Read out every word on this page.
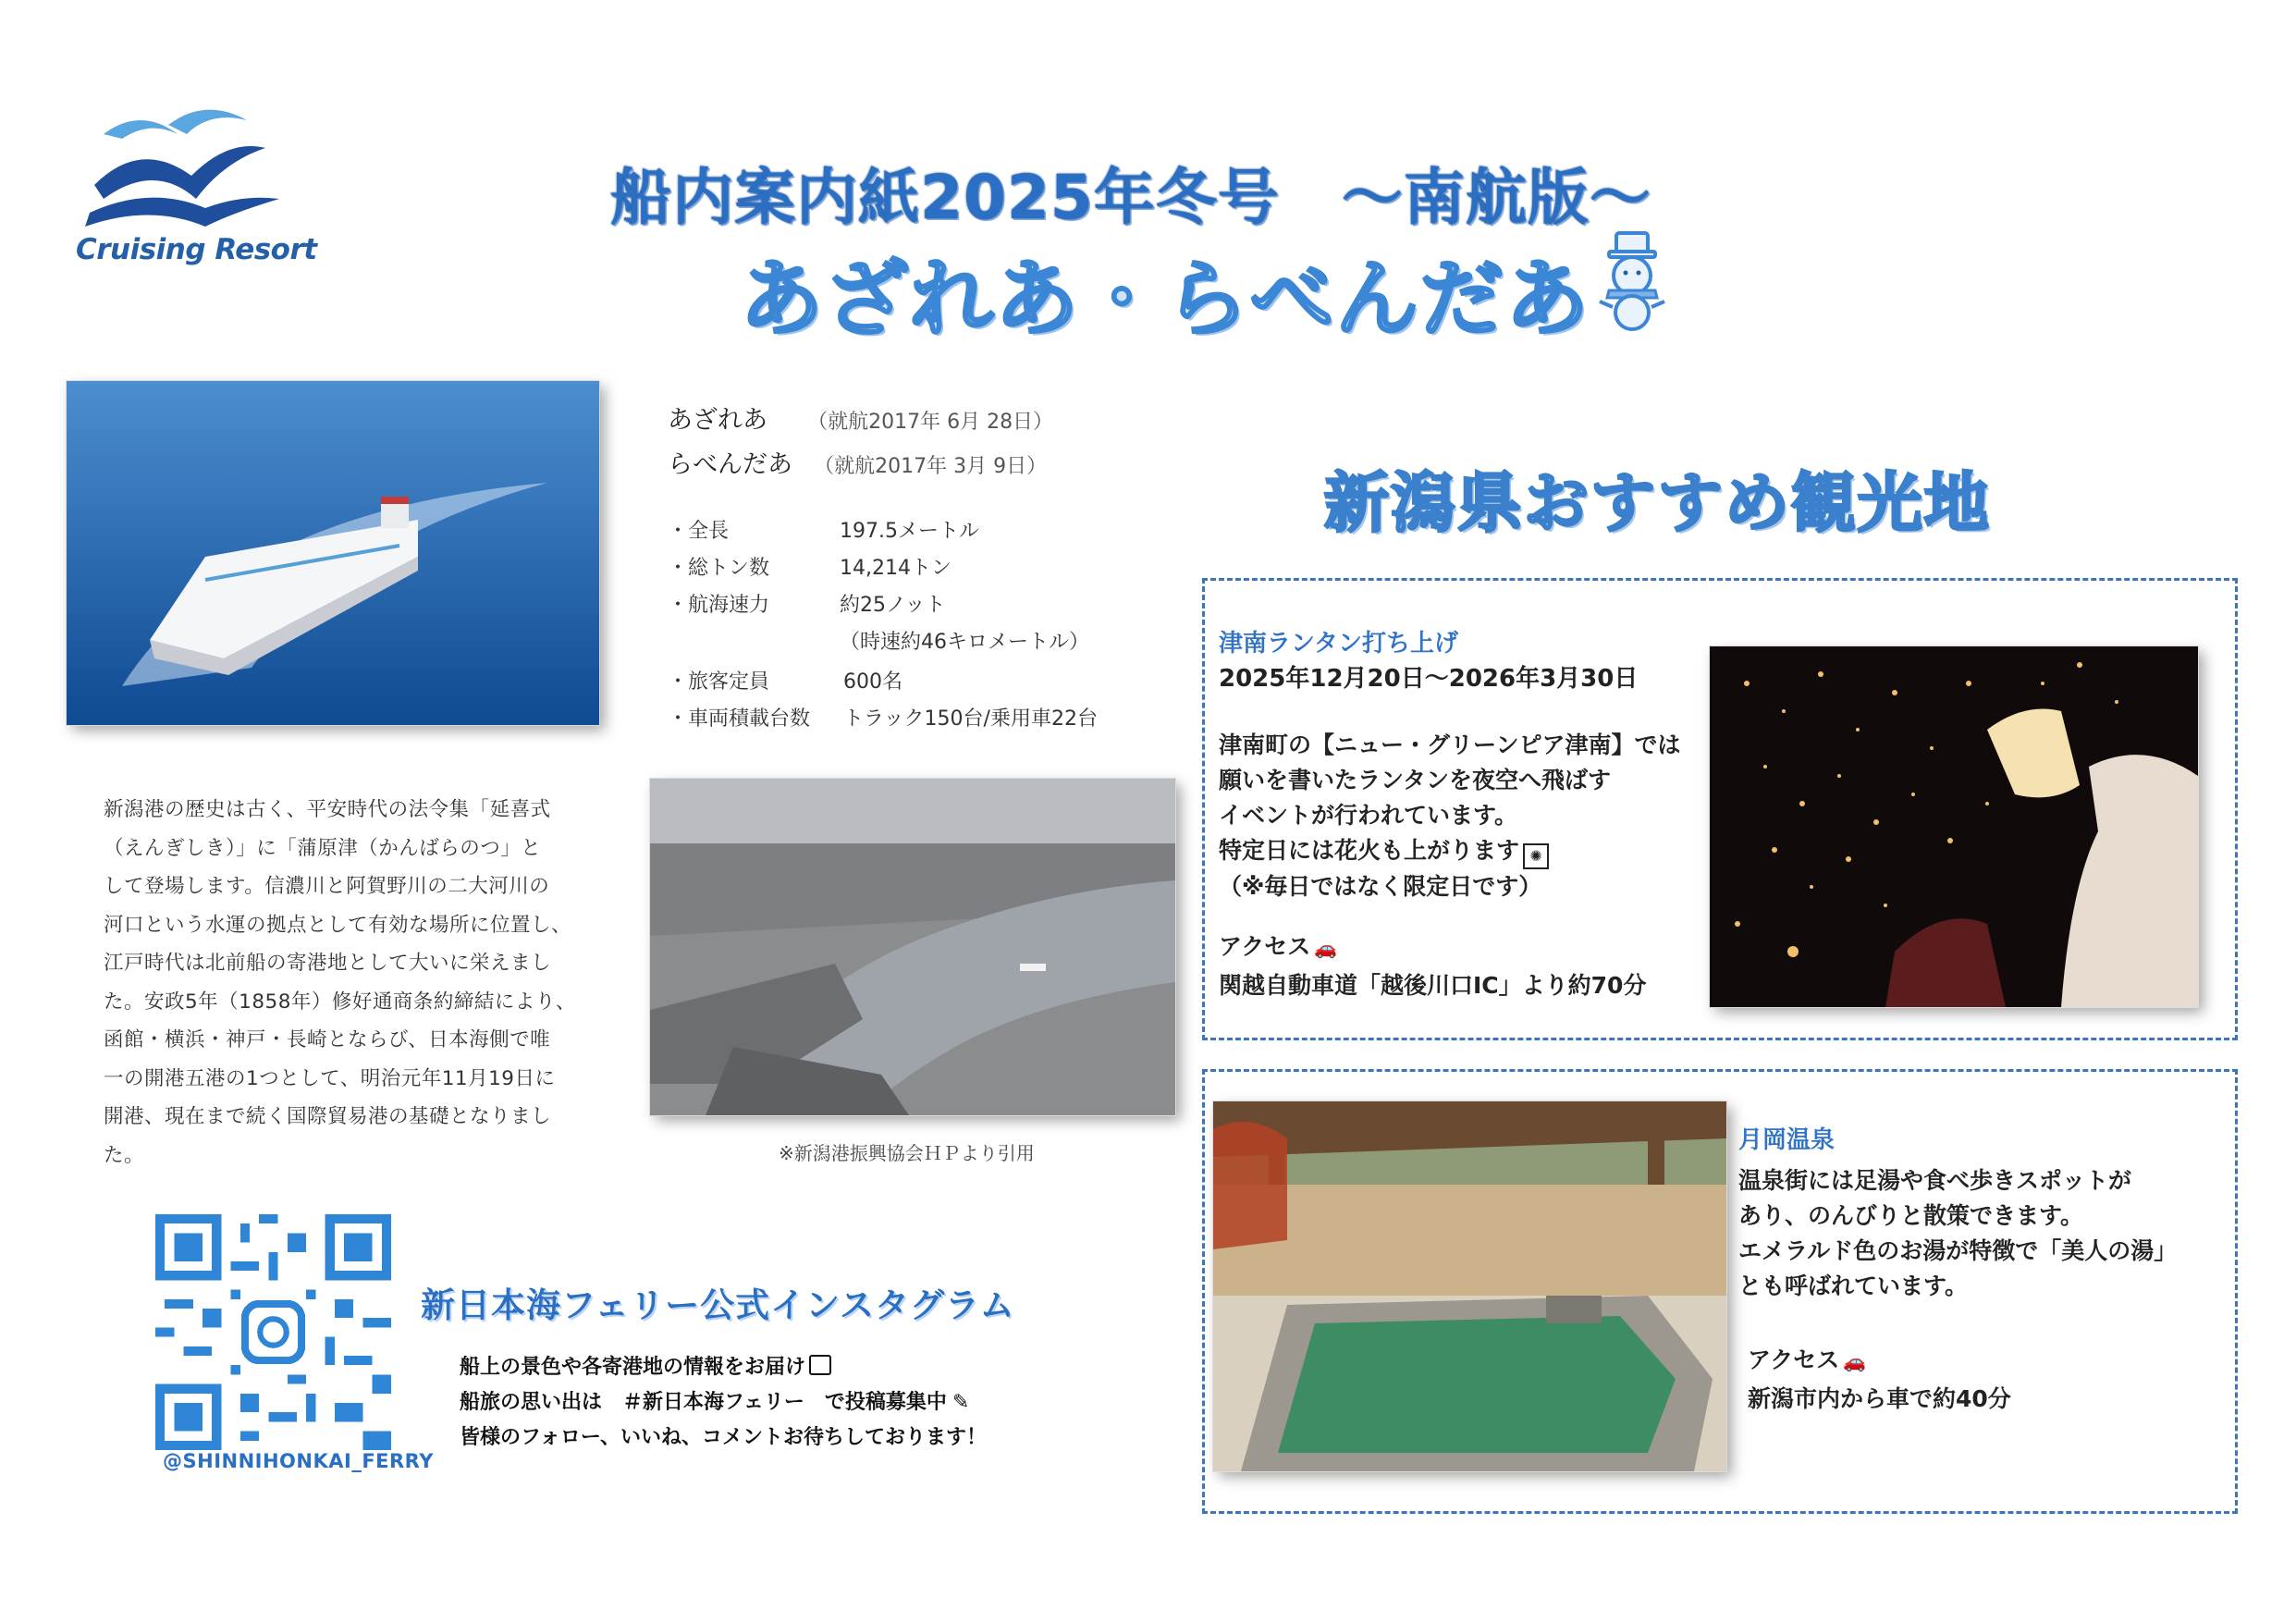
Cruising Resort
船内案内紙2025年冬号　～南航版～
あざれあ・らべんだあ
あざれあ （就航2017年 6月 28日）
らべんだあ （就航2017年 3月 9日）
・全長	197.5メートル
・総トン数	14,214トン
・航海速力	約25ノット
（時速約46キロメートル）
・旅客定員	600名
・車両積載台数 トラック150台/乗用車22台
新潟港の歴史は古く、平安時代の法令集「延喜式
（えんぎしき）」に「蒲原津（かんばらのつ」と
して登場します。信濃川と阿賀野川の二大河川の
河口という水運の拠点として有効な場所に位置し、
江戸時代は北前船の寄港地として大いに栄えまし
た。安政5年（1858年）修好通商条約締結により、
函館・横浜・神戸・長崎とならび、日本海側で唯
一の開港五港の1つとして、明治元年11月19日に
開港、現在まで続く国際貿易港の基礎となりまし
た。	※新潟港振興協会ＨＰより引用
新潟県おすすめ観光地
津南ランタン打ち上げ
2025年12月20日～2026年3月30日
津南町の【ニュー・グリーンピア津南】では
願いを書いたランタンを夜空へ飛ばす
イベントが行われています。
特定日には花火も上がります ✺
（※毎日ではなく限定日です）
アクセス 🚗
関越自動車道「越後川口IC」より約70分
月岡温泉
温泉街には足湯や食べ歩きスポットが
あり、のんびりと散策できます。
エメラルド色のお湯が特徴で「美人の湯」
とも呼ばれています。
アクセス 🚗
新潟市内から車で約40分
@SHINNIHONKAI_FERRY
新日本海フェリー公式インスタグラム
船上の景色や各寄港地の情報をお届け
船旅の思い出は　＃新日本海フェリー　で投稿募集中 ✎
皆様のフォロー、いいね、コメントお待ちしております！
